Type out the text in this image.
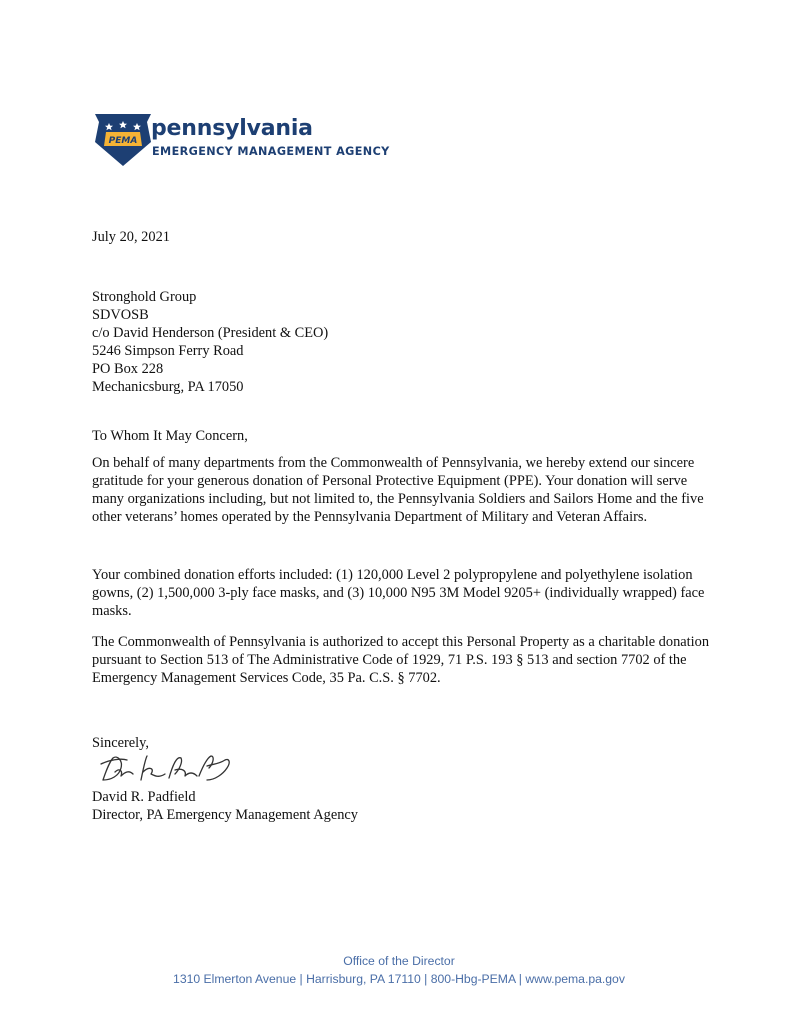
PEMA pennsylvania
EMERGENCY MANAGEMENT AGENCY
July 20, 2021
Stronghold Group
SDVOSB
c/o David Henderson (President & CEO)
5246 Simpson Ferry Road
PO Box 228
Mechanicsburg, PA 17050
To Whom It May Concern,
On behalf of many departments from the Commonwealth of Pennsylvania, we hereby extend our sincere gratitude for your generous donation of Personal Protective Equipment (PPE). Your donation will serve many organizations including, but not limited to, the Pennsylvania Soldiers and Sailors Home and the five other veterans’ homes operated by the Pennsylvania Department of Military and Veteran Affairs.
Your combined donation efforts included: (1) 120,000 Level 2 polypropylene and polyethylene isolation gowns, (2) 1,500,000 3-ply face masks, and (3) 10,000 N95 3M Model 9205+ (individually wrapped) face masks.
The Commonwealth of Pennsylvania is authorized to accept this Personal Property as a charitable donation pursuant to Section 513 of The Administrative Code of 1929, 71 P.S. 193 § 513 and section 7702 of the Emergency Management Services Code, 35 Pa. C.S. § 7702.
Sincerely,
David R. Padfield
Director, PA Emergency Management Agency
Office of the Director
1310 Elmerton Avenue | Harrisburg, PA 17110 | 800-Hbg-PEMA | www.pema.pa.gov
